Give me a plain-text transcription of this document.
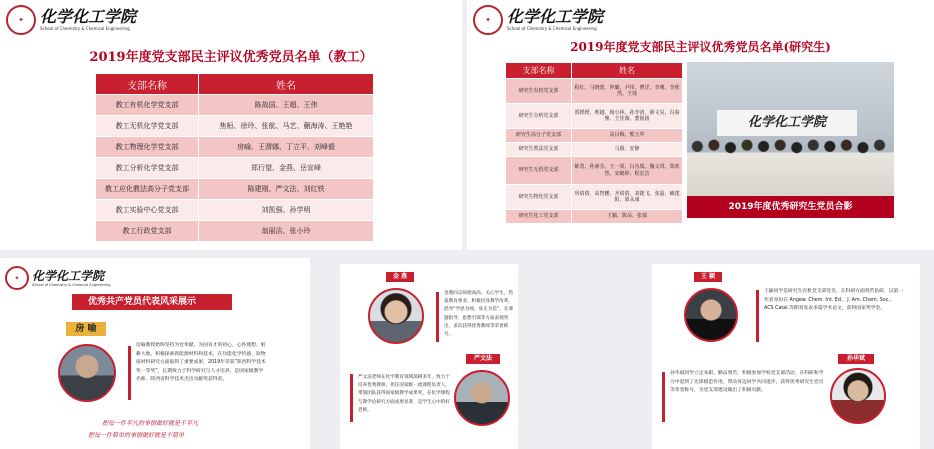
✦	化学化工学院
School of Chemistry & Chemical Engineering
2019年度党支部民主评议优秀党员名单（教工）
支部名称	姓名
教工有机化学党支部	陈战国、王超、王伟
教工无机化学党支部	焦桓、徐玲、张航、马艺、蒯海涛、王艳艳
教工物理化学党支部	房喻、王渭娜、丁立平、刘峰毅
教工分析化学党支部	郑行望、金燕、岳宣峰
教工应化教法高分子党支部	陈建刚、严文法、刘红铁
教工实验中心党支部	刘凯强、孙学明
教工行政党支部	翁丽洁、张小玲
✦	化学化工学院
School of Chemistry & Chemical Engineering
2019年度党支部民主评议优秀党员名单(研究生)
支部名称	姓名
研究生有机党支部	程红、马晓蕾、仲璐、尹伟、曹洋、李珊、李欣然、王琦
研究生分析党支部	贾媛媛、帅越、杨小林、孙李清、薛文昊、冯秦雅、王佳薇、董圆圆
研究生高分子党支部	高目梅、熊玉华
研究生教法党支部	马圆、安静
研究生无机党支部	陈勇、孙素芬、王一棠、白丛瑞、魏文琪、郑欣然、宋鹤婷、程宏洁
研究生物化党支部	巩倩倩、高智鹏、齐倩倩、刘捷飞、张磊、臧建阳、慕永康
研究生化工党支部	王颖、陈朵、张郁
化学化工学院
2019年度优秀研究生党员合影
✦	化学化工学院
School of Chemistry & Chemical Engineering
优秀共产党员代表风采展示
房 喻
房喻教授始终坚持为党奉献、为国育才的初心，心怀理想、躬耕大地，积极探索新能源材料和技术，在功能化学传感、软物质材料研究方面取得了重要成果，2019年荣获“陕西科学技术奖一等奖”，长期致力于科学研究与人才培养，是国家级教学名师、陕西省科学技术杰出贡献奖获得者。
把每一件平凡的事情做好就是不平凡
把每一件简单的事情做好就是不简单
金 燕
金燕同志师德高尚，关心学生，热爱教育事业，积极投身教学改革，倡导“学思为师，身正为范”，在课题指导、思想引领等方面表现突出，多次获得优秀教师等荣誉称号。
严文法
严文法老师在化学教育领域深耕多年，致力于培养优秀教师，担任国家级一流课程负责人，带领团队获得国家级教学成果奖，在化学课程与教学论研究方面成果显著，是学生心中的好老师。
王 颖
王颖同学是研究生有机党支部党员，在科研方面刻苦钻研，以第一作者身份在 Angew. Chem. Int. Ed.、J. Am. Chem. Soc.、ACS Catal.等期刊发表多篇学术论文，获得国家奖学金。
孙华斌
孙华斌同学立足本职，勤奋刻苦，积极参加学校党支部活动，在科研和学习中起到了先锋模范作用，带动身边同学共同进步，获得优秀研究生党员等荣誉称号，为党支部建设做出了积极贡献。
